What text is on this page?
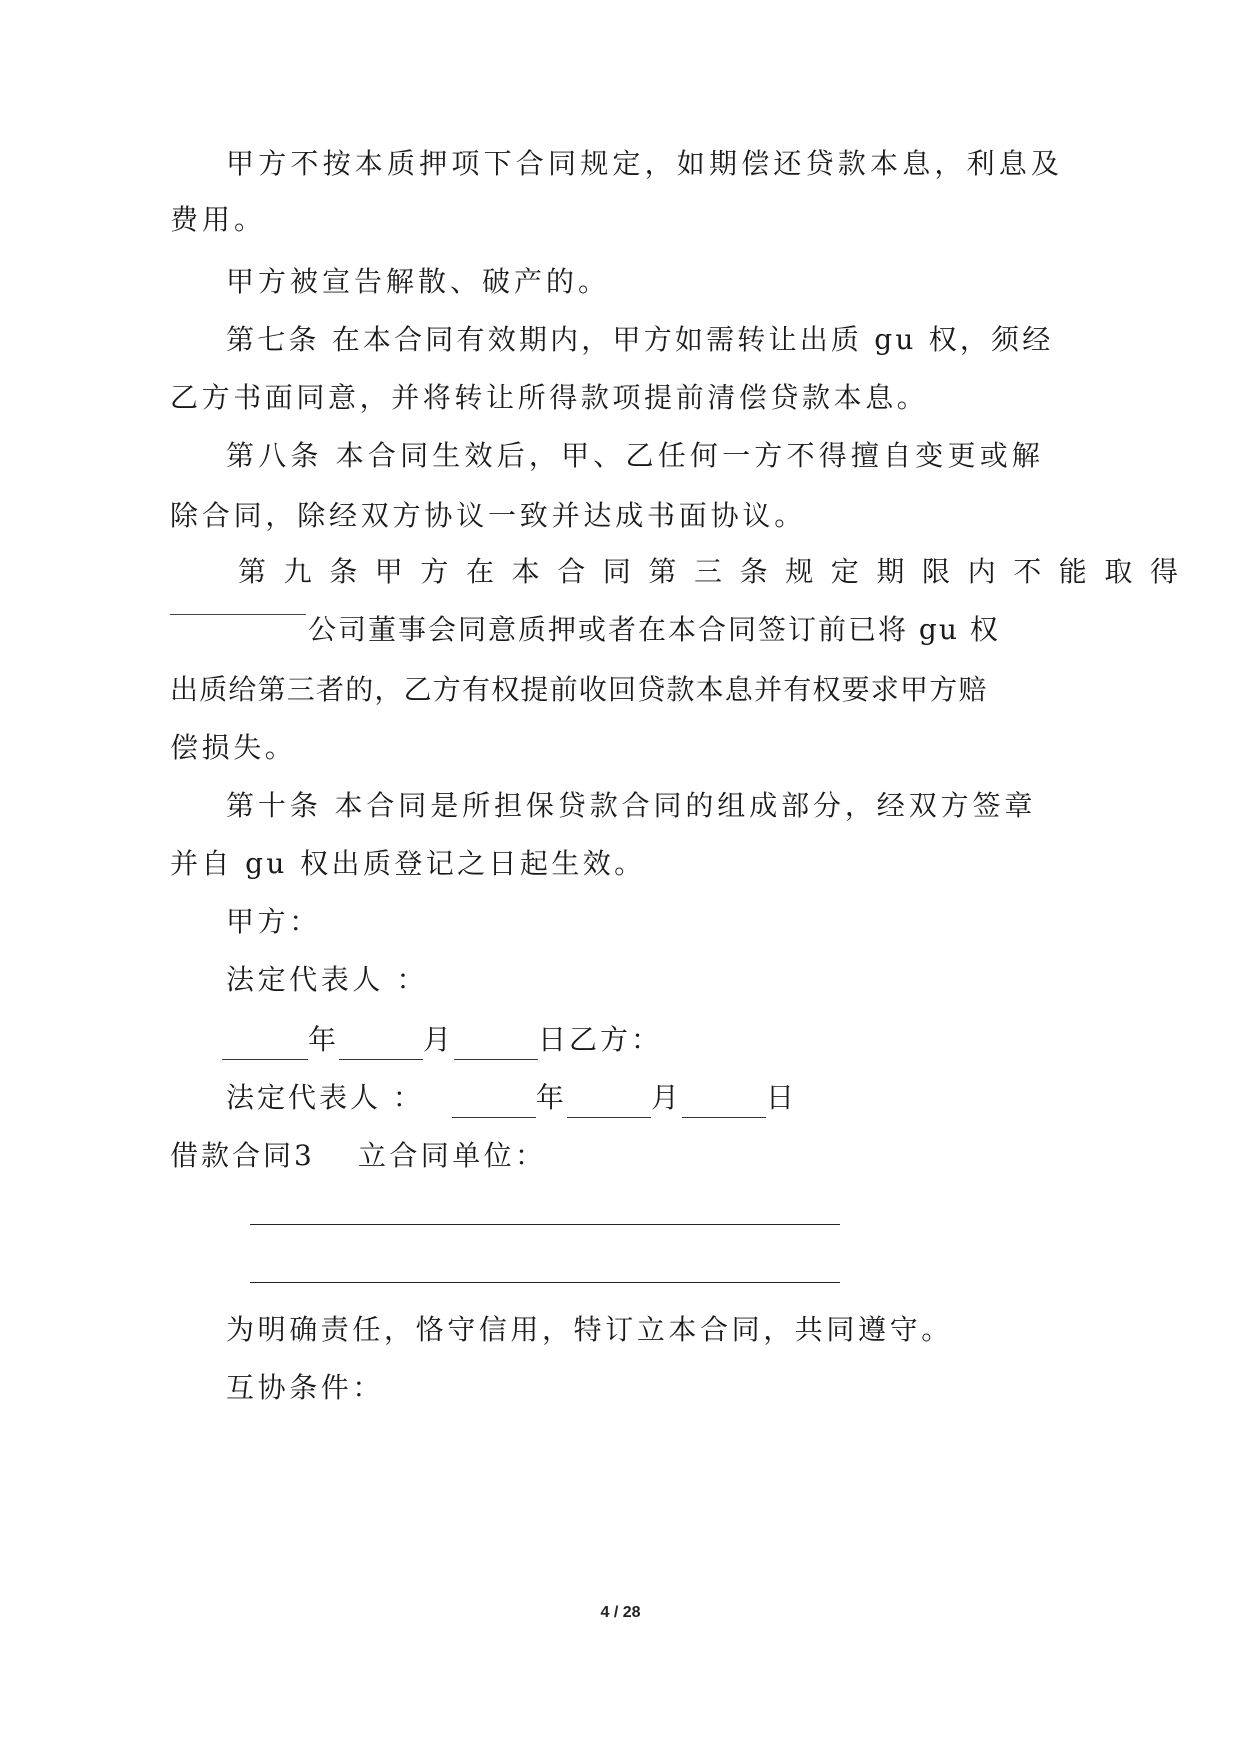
甲方不按本质押项下合同规定，如期偿还贷款本息，利息及
费用。
甲方被宣告解散、破产的。
第七条 在本合同有效期内，甲方如需转让出质 gu 权，须经
乙方书面同意，并将转让所得款项提前清偿贷款本息。
第八条 本合同生效后，甲、乙任何一方不得擅自变更或解
除合同，除经双方协议一致并达成书面协议。
第九条甲方在本合同第三条规定期限内不能取得
公司董事会同意质押或者在本合同签订前已将 gu 权
出质给第三者的，乙方有权提前收回贷款本息并有权要求甲方赔
偿损失。
第十条 本合同是所担保贷款合同的组成部分，经双方签章
并自 gu 权出质登记之日起生效。
甲方：
法定代表人 ：
年	月	日乙方：
法定代表人 ：	年	月	日
借款合同3 立合同单位：
为明确责任，恪守信用，特订立本合同，共同遵守。
互协条件：
4 / 28
